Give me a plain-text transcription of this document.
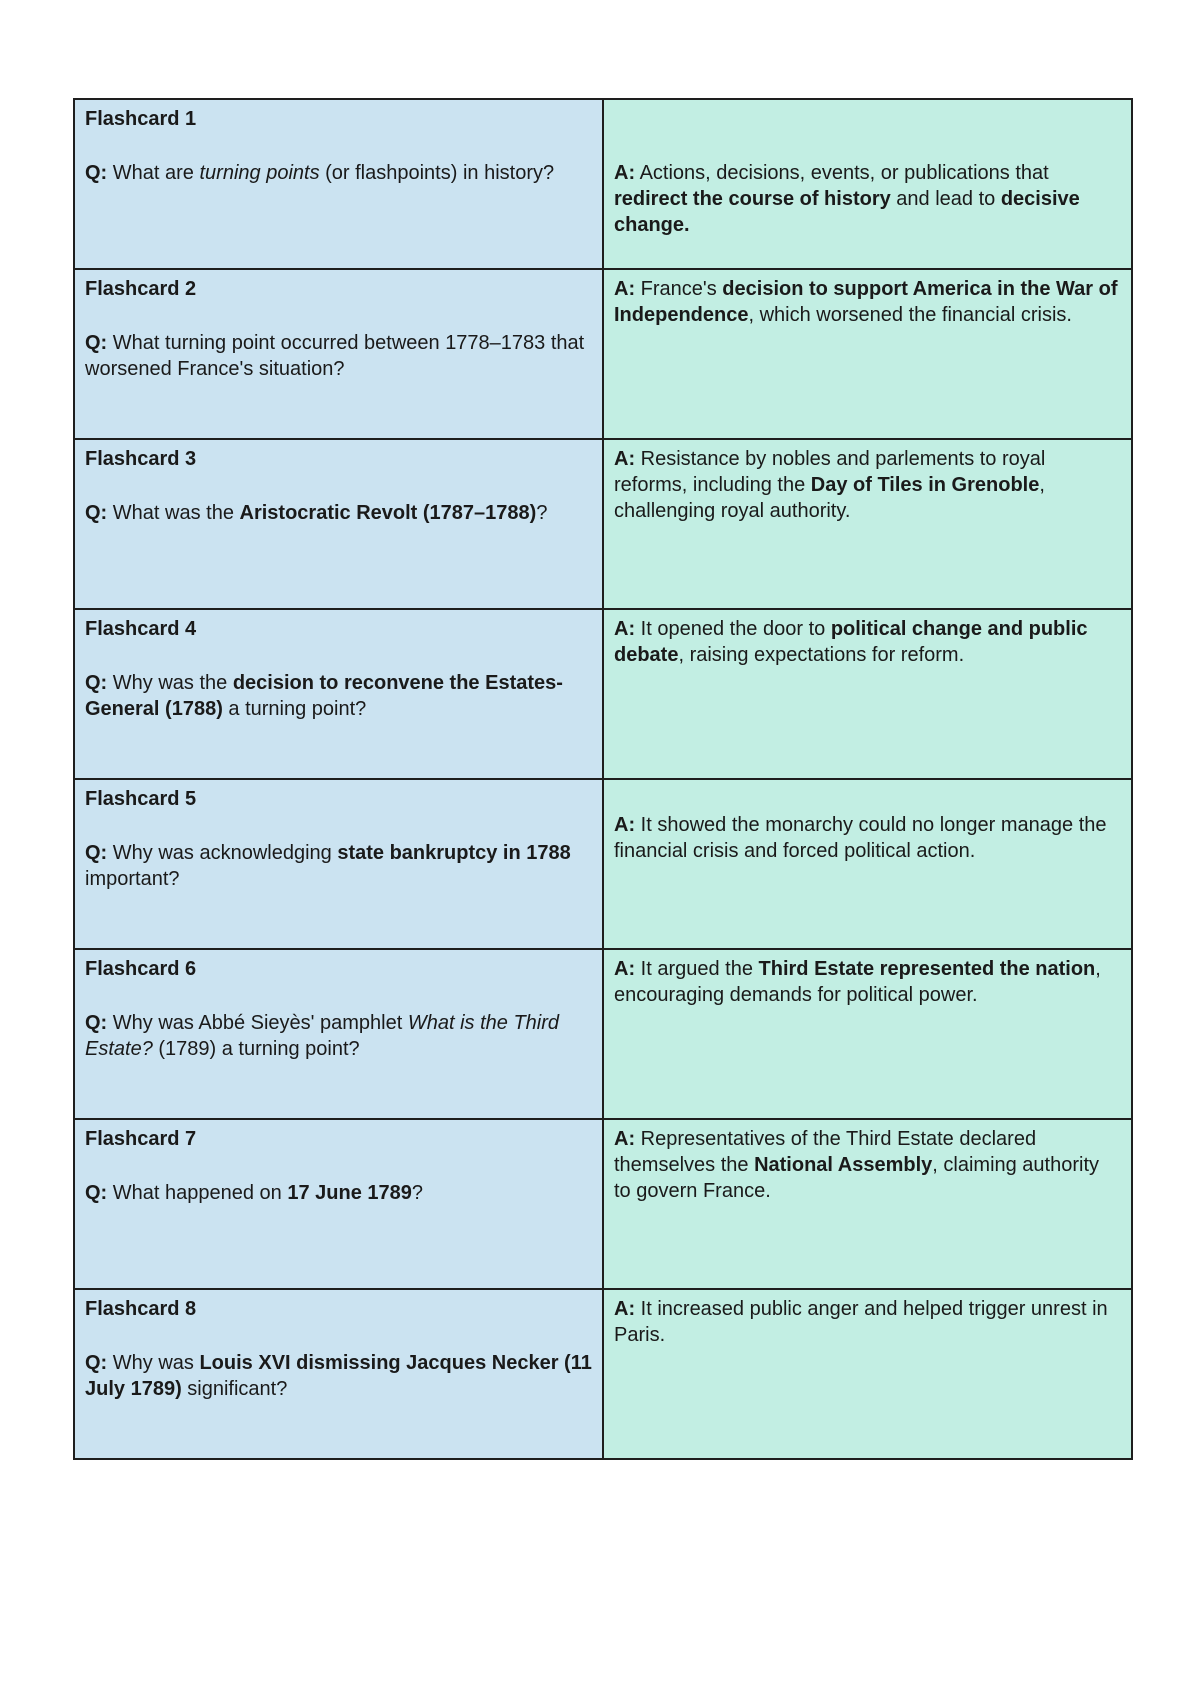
Flashcard 1
Q: What are turning points (or flashpoints) in history?	A: Actions, decisions, events, or publications that redirect the course of history and lead to decisive change.

Flashcard 2
Q: What turning point occurred between 1778–1783 that worsened France's situation?	A: France's decision to support America in the War of Independence, which worsened the financial crisis.

Flashcard 3
Q: What was the Aristocratic Revolt (1787–1788)?	A: Resistance by nobles and parlements to royal reforms, including the Day of Tiles in Grenoble, challenging royal authority.

Flashcard 4
Q: Why was the decision to reconvene the Estates-General (1788) a turning point?	A: It opened the door to political change and public debate, raising expectations for reform.

Flashcard 5
Q: Why was acknowledging state bankruptcy in 1788 important?	A: It showed the monarchy could no longer manage the financial crisis and forced political action.

Flashcard 6
Q: Why was Abbé Sieyès' pamphlet What is the Third Estate? (1789) a turning point?	A: It argued the Third Estate represented the nation, encouraging demands for political power.

Flashcard 7
Q: What happened on 17 June 1789?	A: Representatives of the Third Estate declared themselves the National Assembly, claiming authority to govern France.

Flashcard 8
Q: Why was Louis XVI dismissing Jacques Necker (11 July 1789) significant?	A: It increased public anger and helped trigger unrest in Paris.
